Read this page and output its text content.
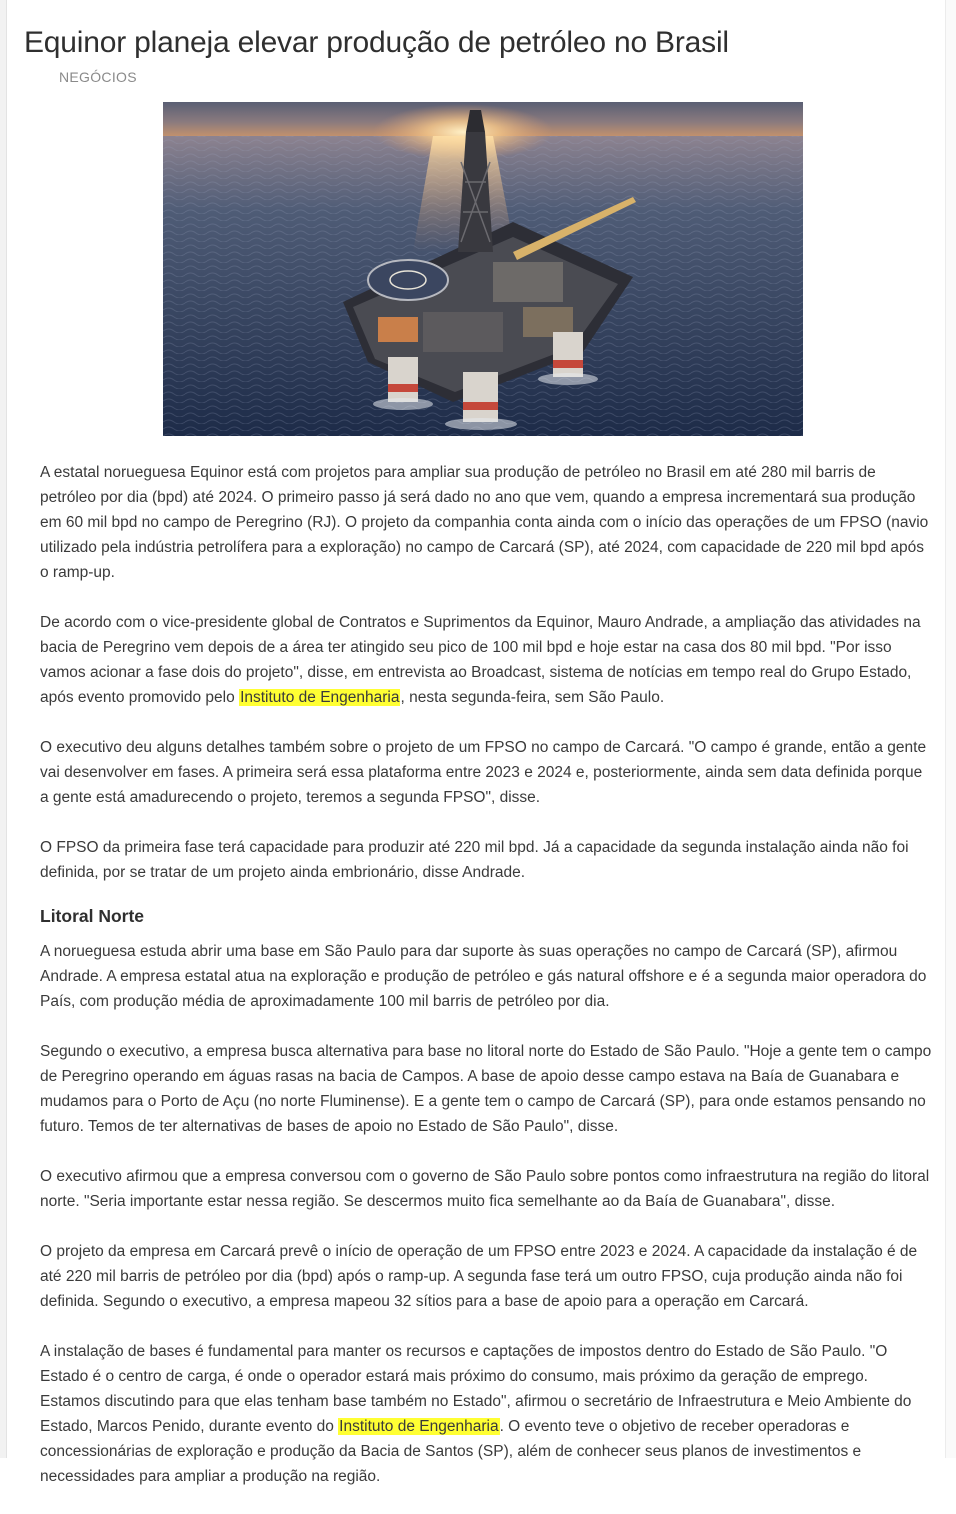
Equinor planeja elevar produção de petróleo no Brasil
NEGÓCIOS

A estatal norueguesa Equinor está com projetos para ampliar sua produção de petróleo no Brasil em até 280 mil barris de petróleo por dia (bpd) até 2024. O primeiro passo já será dado no ano que vem, quando a empresa incrementará sua produção em 60 mil bpd no campo de Peregrino (RJ). O projeto da companhia conta ainda com o início das operações de um FPSO (navio utilizado pela indústria petrolífera para a exploração) no campo de Carcará (SP), até 2024, com capacidade de 220 mil bpd após o ramp-up.

De acordo com o vice-presidente global de Contratos e Suprimentos da Equinor, Mauro Andrade, a ampliação das atividades na bacia de Peregrino vem depois de a área ter atingido seu pico de 100 mil bpd e hoje estar na casa dos 80 mil bpd. "Por isso vamos acionar a fase dois do projeto", disse, em entrevista ao Broadcast, sistema de notícias em tempo real do Grupo Estado, após evento promovido pelo Instituto de Engenharia, nesta segunda-feira, sem São Paulo.

O executivo deu alguns detalhes também sobre o projeto de um FPSO no campo de Carcará. "O campo é grande, então a gente vai desenvolver em fases. A primeira será essa plataforma entre 2023 e 2024 e, posteriormente, ainda sem data definida porque a gente está amadurecendo o projeto, teremos a segunda FPSO", disse.

O FPSO da primeira fase terá capacidade para produzir até 220 mil bpd. Já a capacidade da segunda instalação ainda não foi definida, por se tratar de um projeto ainda embrionário, disse Andrade.

Litoral Norte

A norueguesa estuda abrir uma base em São Paulo para dar suporte às suas operações no campo de Carcará (SP), afirmou Andrade. A empresa estatal atua na exploração e produção de petróleo e gás natural offshore e é a segunda maior operadora do País, com produção média de aproximadamente 100 mil barris de petróleo por dia.

Segundo o executivo, a empresa busca alternativa para base no litoral norte do Estado de São Paulo. "Hoje a gente tem o campo de Peregrino operando em águas rasas na bacia de Campos. A base de apoio desse campo estava na Baía de Guanabara e mudamos para o Porto de Açu (no norte Fluminense). E a gente tem o campo de Carcará (SP), para onde estamos pensando no futuro. Temos de ter alternativas de bases de apoio no Estado de São Paulo", disse.

O executivo afirmou que a empresa conversou com o governo de São Paulo sobre pontos como infraestrutura na região do litoral norte. "Seria importante estar nessa região. Se descermos muito fica semelhante ao da Baía de Guanabara", disse.

O projeto da empresa em Carcará prevê o início de operação de um FPSO entre 2023 e 2024. A capacidade da instalação é de até 220 mil barris de petróleo por dia (bpd) após o ramp-up. A segunda fase terá um outro FPSO, cuja produção ainda não foi definida. Segundo o executivo, a empresa mapeou 32 sítios para a base de apoio para a operação em Carcará.

A instalação de bases é fundamental para manter os recursos e captações de impostos dentro do Estado de São Paulo. "O Estado é o centro de carga, é onde o operador estará mais próximo do consumo, mais próximo da geração de emprego. Estamos discutindo para que elas tenham base também no Estado", afirmou o secretário de Infraestrutura e Meio Ambiente do Estado, Marcos Penido, durante evento do Instituto de Engenharia. O evento teve o objetivo de receber operadoras e concessionárias de exploração e produção da Bacia de Santos (SP), além de conhecer seus planos de investimentos e necessidades para ampliar a produção na região.
